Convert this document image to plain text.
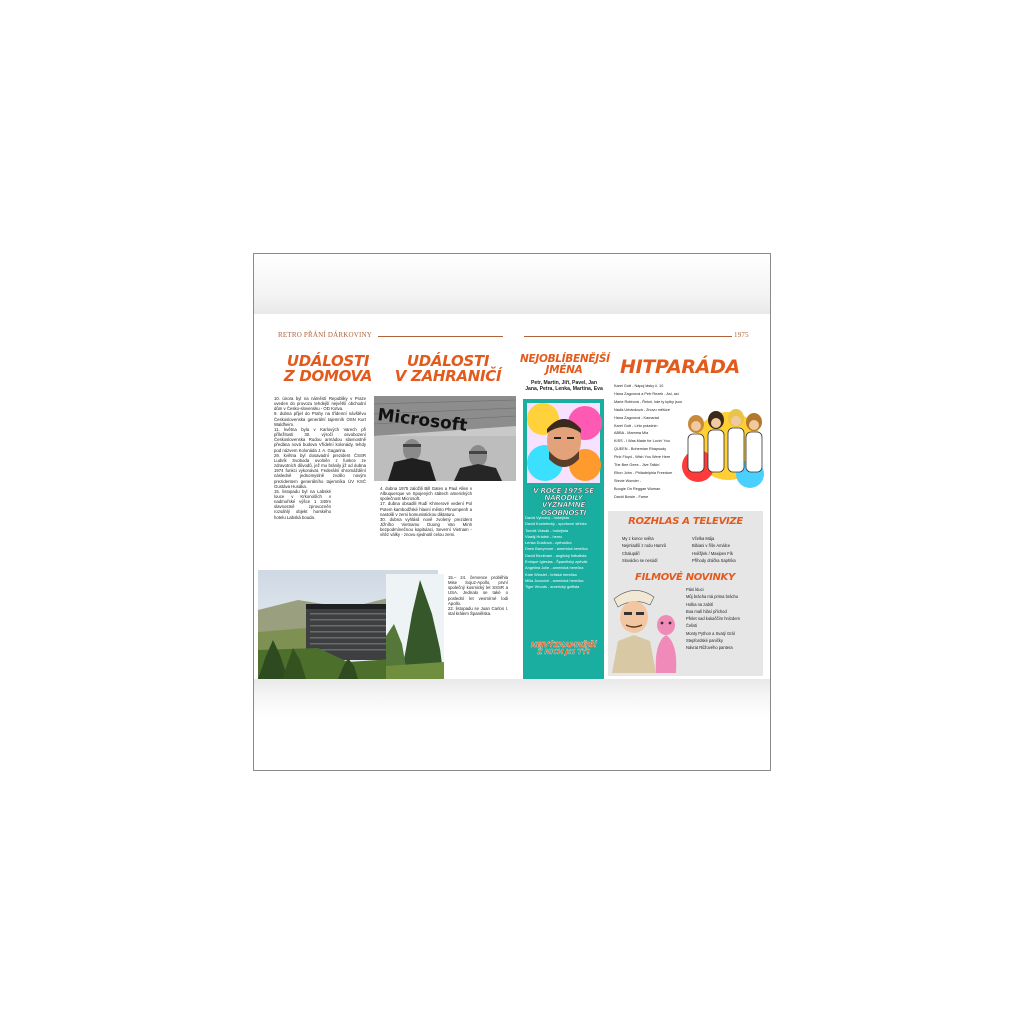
RETRO PŘÁNÍ DÁRKOVINY	1975
UDÁLOSTI
Z DOMOVA
10. února byl na náměstí Republiky v Praze uveden do provozu tehdejší největší obchodní dům v Česko-slovensku - OD Kotva.
9. dubna přijel do Prahy na třídenní návštěvu Československa generální tajemník OSN Kurt Waldheim.
11. května byla v Karlových Varech při příležitosti 30. výročí osvobození Československa Rudou armádou slavnostně předána nová budova Vřídelní kolonády, tehdy pod názvem Kolonáda J. A. Gagarina.
29. května byl dosavadní prezident ČSSR Ludvík Svoboda uvolněn z funkce ze zdravotních důvodů, jež mu bránily již od dubna 1974 funkci vykonávat. Federální shromáždění následně jednomyslně zvolilo novým prezidentem generálního tajemníka ÚV KSČ Gustáva Husáka.
15. listopadu byl na Labské louce v Krkonoších v nadmořské výšce 1 340m slavnostně zprovozněn rozsáhlý objekt horského hotelu Labská bouda.
UDÁLOSTI
V ZAHRANIČÍ
Microsoft
4. dubna 1975 založili Bill Gates a Paul Allen v Albuquerque ve Spojených státech amerických společnost Microsoft.
17. dubna obsadili Rudí Khmerové vedení Pol Potem kambodžské hlavní město Phnompenh a nastolili v zemi komunistickou diktaturu.
30. dubna vyhlásil nově zvolený prezident Jižního Vietnamu Duong Van Minh bezpodmínečnou kapitulaci, Severní Vietnam - vítěz války - znovu sjednotil celou zemi.
15.– 24. července proběhla Mise Sojuz-Apollo, první společný kosmický let SSSR a USA. Jednalo se také o poslední let vesmírné lodi Apollo.
22. listopadu se Juan Carlos I. stal králem Španělska.
NEJOBLÍBENĚJŠÍ
JMÉNA
Petr, Martin, Jiří, Pavel, Jan Jana, Petra, Lenka, Martina, Eva
V ROCE 1975 SE
NARODILY VÝZNAMNÉ
OSOBNOSTI
David Vyborný - hokejista
David Kostelecký - sportovní střelec
Tomáš Vlasák - hokejista
Vlastij Hrádek - herec
Lenka Dusilová - zpěvačka
Drew Barrymore - americká herečka
David Beckham - anglický fotbalista
Enrique Iglesias - Španělský zpěvák
Angelina Jolie - americká herečka
Kate Winslet - britská herečka
Milla Jovovich - americká herečka
Tiger Woods - americký golfista
NEJVÝZNAMNĚJŠÍ
Z NICH JSI TY!
HITPARÁDA
Karel Gott - Nápoj lásky č. 10
Hana Zagorová a Petr Rezek - Asi, asi
Marie Rottrová - Řekni, kde ty kytky jsou
Naďa Urbánková - Znovu měšíce
Hana Zagorová - Kamarád
Karel Gott - Léto prázdnin
ABBA - Mamma Mia
KISS - I Was Made for Lovin' You
QUEEN - Bohemian Rhapsody
Pink Floyd - Wish You Were Here
The Bee Gees - Jive Talkin'
Elton John - Philadelphia Freedom
Stevie Wonder -
Boogie On Reggae Woman
David Bowie - Fame
ROZHLAS A TELEVIZE
My z konce světa
Nejmladší z rodu Hamrů
Chalupáři
Slovácko se nesúdí
Včelka Mája
Bibiani v říše Amálce
Hvěžjlek / Maxipes Fík
Příhody dráčka Saphíka
FILMOVÉ NOVINKY
Páni kluci
Můj brácha má prima bráchu
Holka na zabití
Boa malí hlásí příchod
Přelet nad kukaččím hnízdem
Čelisti
Monty Python a Svatý Grál
Stepfordské paničky
Návrat Růžového pantera
